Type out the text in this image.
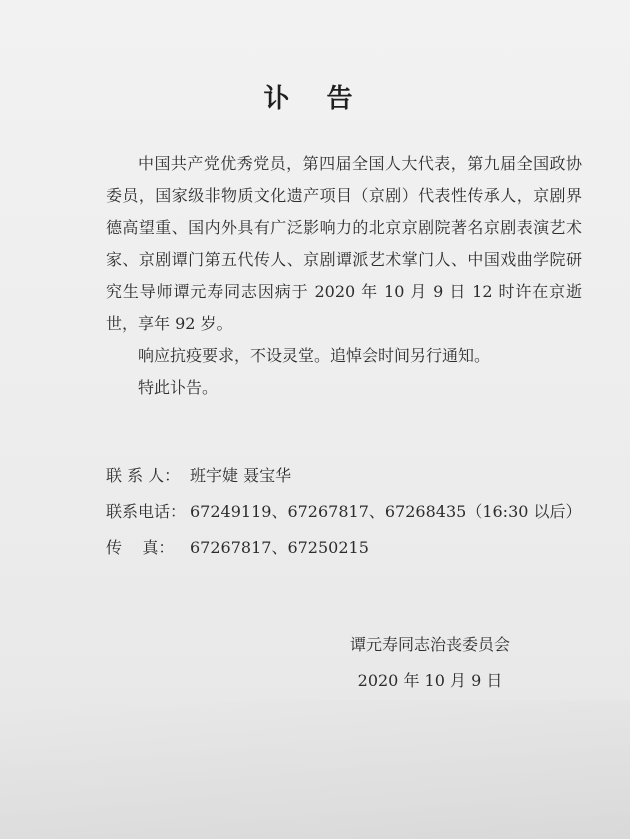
讣 告

中国共产党优秀党员，第四届全国人大代表，第九届全国政协委员，国家级非物质文化遗产项目（京剧）代表性传承人，京剧界德高望重、国内外具有广泛影响力的北京京剧院著名京剧表演艺术家、京剧谭门第五代传人、京剧谭派艺术掌门人、中国戏曲学院研究生导师谭元寿同志因病于 2020 年 10 月 9 日 12 时许在京逝世，享年 92 岁。

响应抗疫要求，不设灵堂。追悼会时间另行通知。

特此讣告。

联 系 人： 班宇婕 聂宝华
联系电话： 67249119、67267817、67268435（16:30 以后）
传    真： 67267817、67250215
谭元寿同志治丧委员会
2020 年 10 月 9 日
